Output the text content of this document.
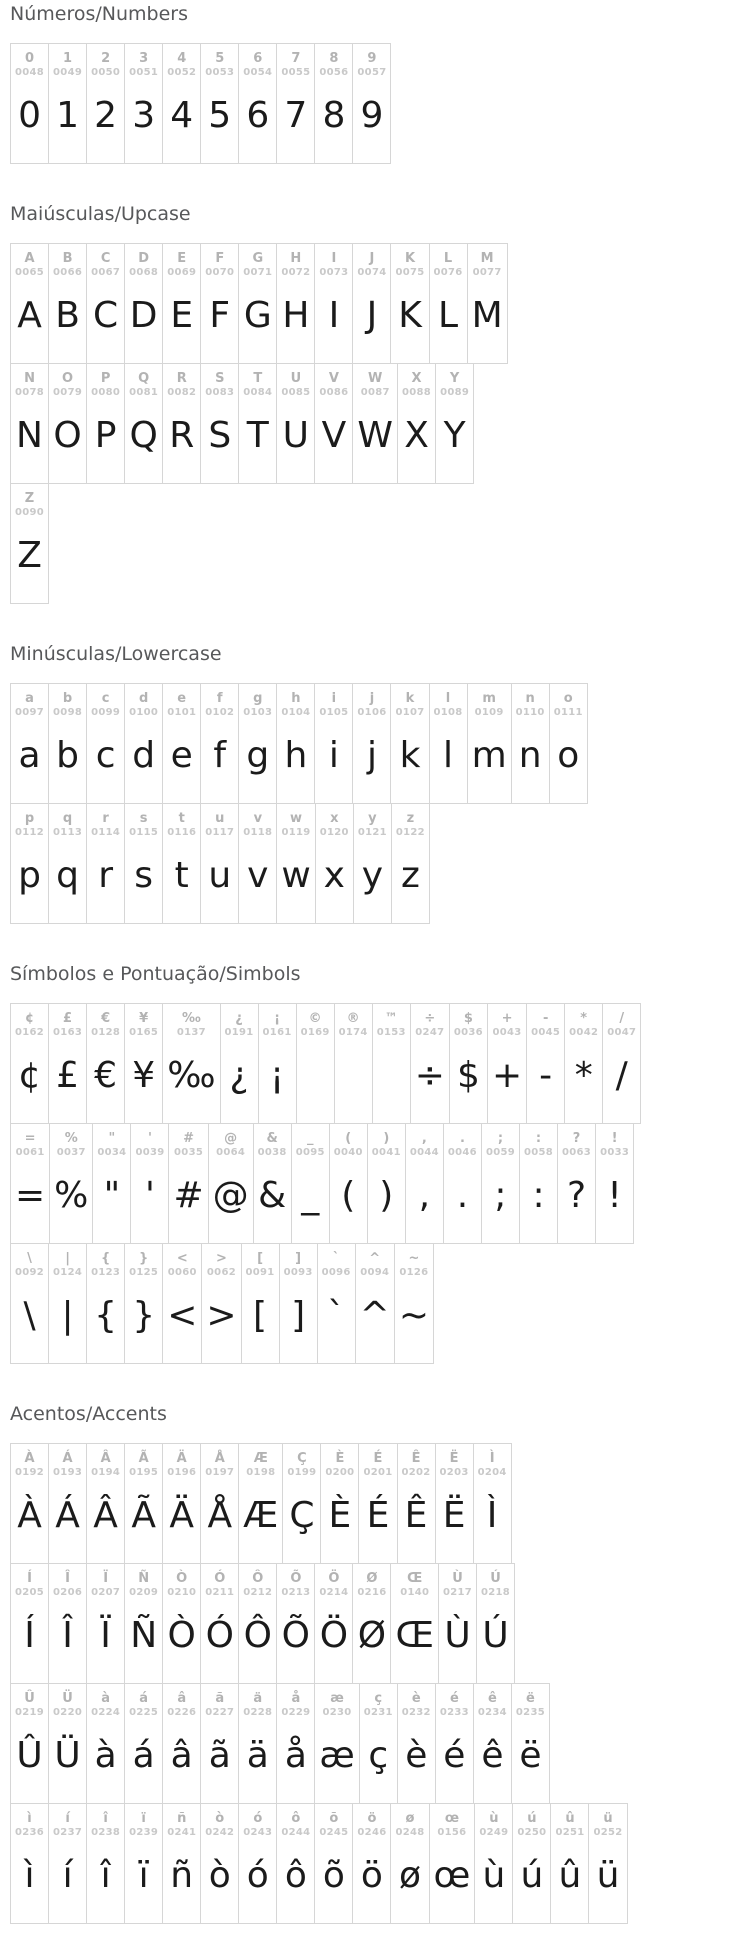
Números/Numbers
0
0048
0
1
0049
1
2
0050
2
3
0051
3
4
0052
4
5
0053
5
6
0054
6
7
0055
7
8
0056
8
9
0057
9
Maiúsculas/Upcase
A
0065
A
B
0066
B
C
0067
C
D
0068
D
E
0069
E
F
0070
F
G
0071
G
H
0072
H
I
0073
I
J
0074
J
K
0075
K
L
0076
L
M
0077
M
N
0078
N
O
0079
O
P
0080
P
Q
0081
Q
R
0082
R
S
0083
S
T
0084
T
U
0085
U
V
0086
V
W
0087
W
X
0088
X
Y
0089
Y
Z
0090
Z
Minúsculas/Lowercase
a
0097
a
b
0098
b
c
0099
c
d
0100
d
e
0101
e
f
0102
f
g
0103
g
h
0104
h
i
0105
i
j
0106
j
k
0107
k
l
0108
l
m
0109
m
n
0110
n
o
0111
o
p
0112
p
q
0113
q
r
0114
r
s
0115
s
t
0116
t
u
0117
u
v
0118
v
w
0119
w
x
0120
x
y
0121
y
z
0122
z
Símbolos e Pontuação/Simbols
¢
0162
¢
£
0163
£
€
0128
€
¥
0165
¥
‰
0137
‰
¿
0191
¿
¡
0161
¡
©
0169
®
0174
™
0153
÷
0247
÷
$
0036
$
+
0043
+
-
0045
-
*
0042
*
/
0047
/
=
0061
=
%
0037
%
"
0034
"
'
0039
'
#
0035
#
@
0064
@
&
0038
&
_
0095
_
(
0040
(
)
0041
)
,
0044
,
.
0046
.
;
0059
;
:
0058
:
?
0063
?
!
0033
!
\
0092
\
|
0124
|
{
0123
{
}
0125
}
<
0060
<
>
0062
>
[
0091
[
]
0093
]
`
0096
`
^
0094
^
~
0126
~
Acentos/Accents
À
0192
À
Á
0193
Á
Â
0194
Â
Ã
0195
Ã
Ä
0196
Ä
Å
0197
Å
Æ
0198
Æ
Ç
0199
Ç
È
0200
È
É
0201
É
Ê
0202
Ê
Ë
0203
Ë
Ì
0204
Ì
Í
0205
Í
Î
0206
Î
Ï
0207
Ï
Ñ
0209
Ñ
Ò
0210
Ò
Ó
0211
Ó
Ô
0212
Ô
Õ
0213
Õ
Ö
0214
Ö
Ø
0216
Ø
Œ
0140
Œ
Ù
0217
Ù
Ú
0218
Ú
Û
0219
Û
Ü
0220
Ü
à
0224
à
á
0225
á
â
0226
â
ã
0227
ã
ä
0228
ä
å
0229
å
æ
0230
æ
ç
0231
ç
è
0232
è
é
0233
é
ê
0234
ê
ë
0235
ë
ì
0236
ì
í
0237
í
î
0238
î
ï
0239
ï
ñ
0241
ñ
ò
0242
ò
ó
0243
ó
ô
0244
ô
õ
0245
õ
ö
0246
ö
ø
0248
ø
œ
0156
œ
ù
0249
ù
ú
0250
ú
û
0251
û
ü
0252
ü
